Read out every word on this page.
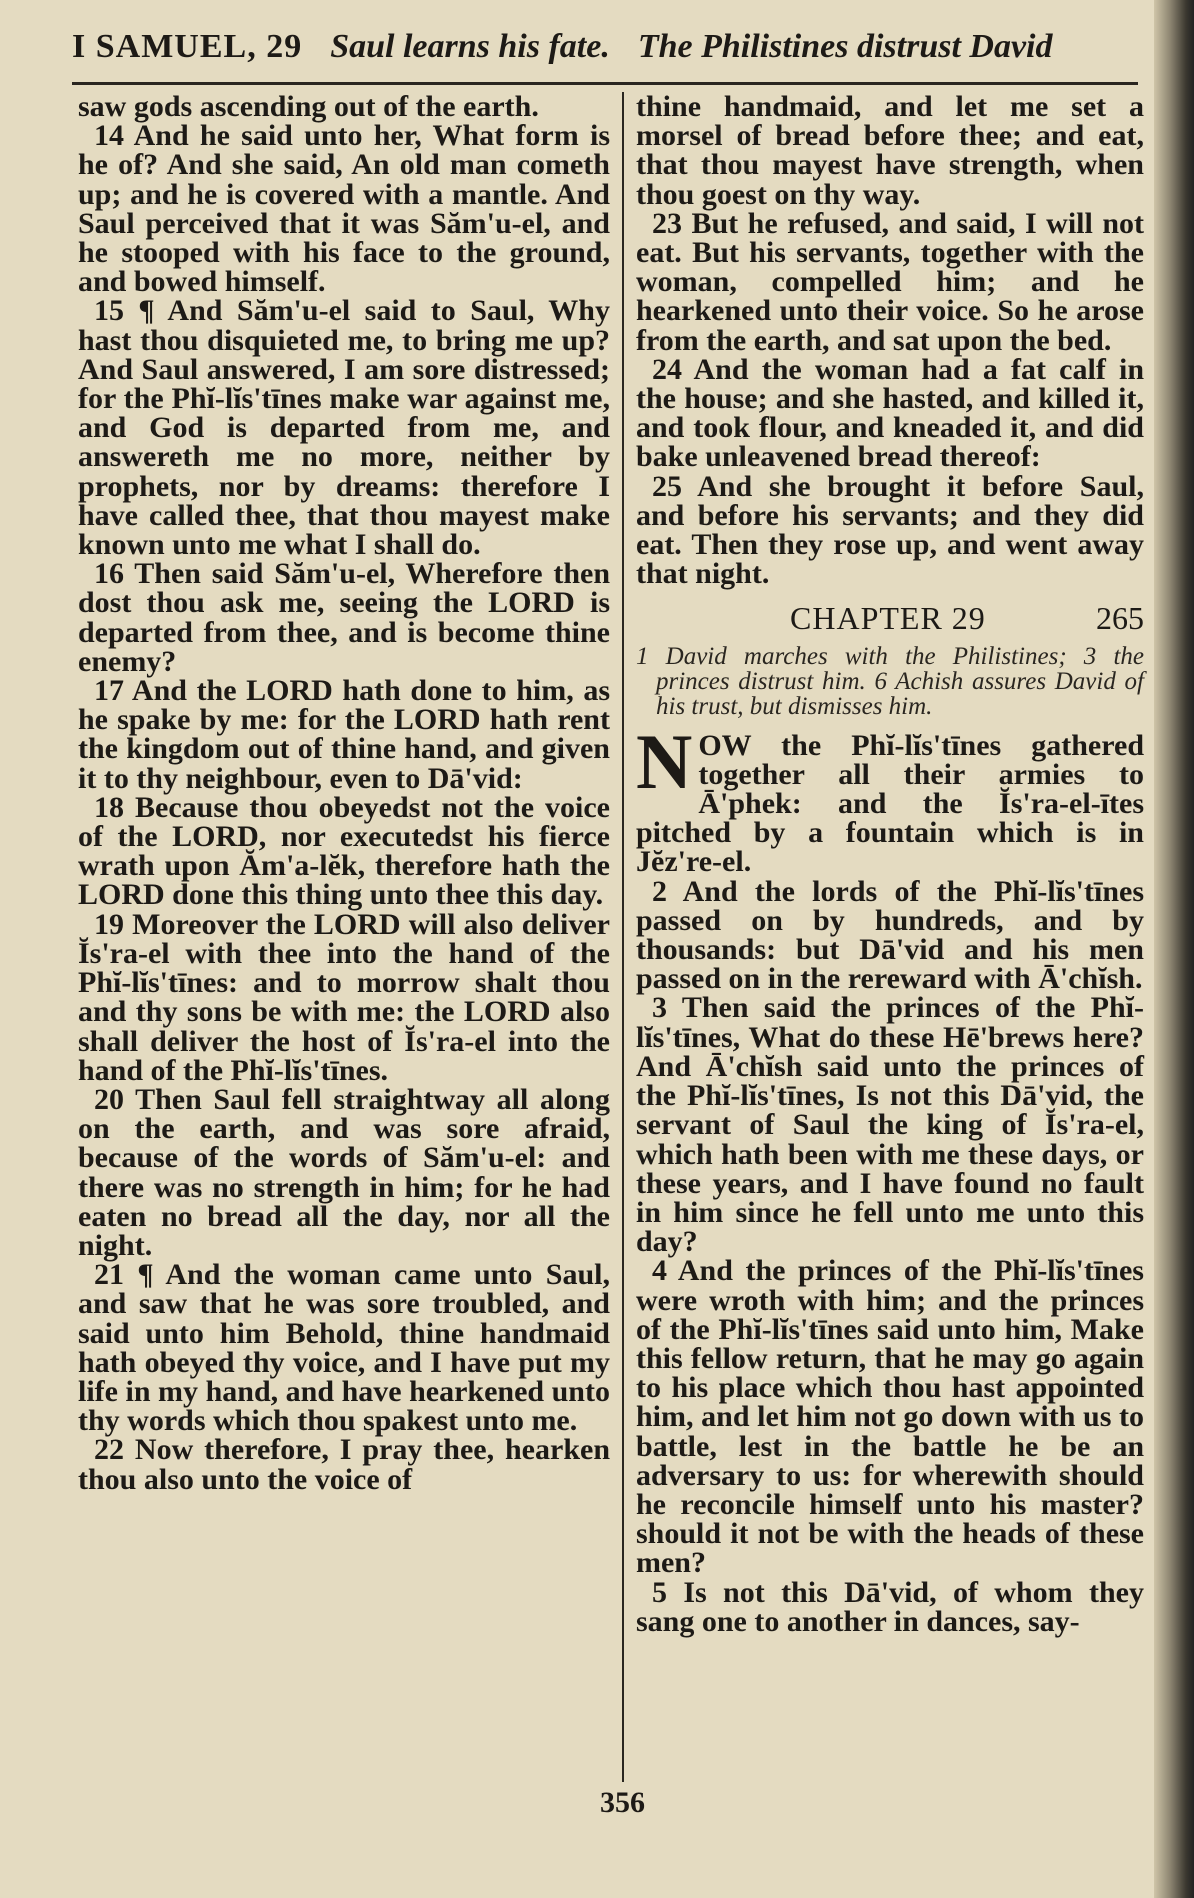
I SAMUEL, 29 Saul learns his fate. The Philistines distrust David

saw gods ascending out of the earth.

14 And he said unto her, What form is he of? And she said, An old man cometh up; and he is covered with a mantle. And Saul perceived that it was Săm'u-el, and he stooped with his face to the ground, and bowed himself.

15 ¶ And Săm'u-el said to Saul, Why hast thou disquieted me, to bring me up? And Saul answered, I am sore distressed; for the Phĭ-lĭs'tīnes make war against me, and God is departed from me, and answereth me no more, neither by prophets, nor by dreams: therefore I have called thee, that thou mayest make known unto me what I shall do.

16 Then said Săm'u-el, Wherefore then dost thou ask me, seeing the LORD is departed from thee, and is become thine enemy?

17 And the LORD hath done to him, as he spake by me: for the LORD hath rent the kingdom out of thine hand, and given it to thy neighbour, even to Dā'vid:

18 Because thou obeyedst not the voice of the LORD, nor executedst his fierce wrath upon Ăm'a-lĕk, therefore hath the LORD done this thing unto thee this day.

19 Moreover the LORD will also deliver Ĭs'ra-el with thee into the hand of the Phĭ-lĭs'tīnes: and to morrow shalt thou and thy sons be with me: the LORD also shall deliver the host of Ĭs'ra-el into the hand of the Phĭ-lĭs'tīnes.

20 Then Saul fell straightway all along on the earth, and was sore afraid, because of the words of Săm'u-el: and there was no strength in him; for he had eaten no bread all the day, nor all the night.

21 ¶ And the woman came unto Saul, and saw that he was sore troubled, and said unto him Behold, thine handmaid hath obeyed thy voice, and I have put my life in my hand, and have hearkened unto thy words which thou spakest unto me.

22 Now therefore, I pray thee, hearken thou also unto the voice of

thine handmaid, and let me set a morsel of bread before thee; and eat, that thou mayest have strength, when thou goest on thy way.

23 But he refused, and said, I will not eat. But his servants, together with the woman, compelled him; and he hearkened unto their voice. So he arose from the earth, and sat upon the bed.

24 And the woman had a fat calf in the house; and she hasted, and killed it, and took flour, and kneaded it, and did bake unleavened bread thereof:

25 And she brought it before Saul, and before his servants; and they did eat. Then they rose up, and went away that night.

CHAPTER 29	265

1 David marches with the Philistines; 3 the princes distrust him. 6 Achish assures David of his trust, but dismisses him.

NOW the Phĭ-lĭs'tīnes gathered together all their armies to Ā'phek: and the Ĭs'ra-el-ītes pitched by a fountain which is in Jĕz're-el.

2 And the lords of the Phĭ-lĭs'tīnes passed on by hundreds, and by thousands: but Dā'vid and his men passed on in the rereward with Ā'chĭsh.

3 Then said the princes of the Phĭ-lĭs'tīnes, What do these Hē'brews here? And Ā'chĭsh said unto the princes of the Phĭ-lĭs'tīnes, Is not this Dā'vid, the servant of Saul the king of Ĭs'ra-el, which hath been with me these days, or these years, and I have found no fault in him since he fell unto me unto this day?

4 And the princes of the Phĭ-lĭs'tīnes were wroth with him; and the princes of the Phĭ-lĭs'tīnes said unto him, Make this fellow return, that he may go again to his place which thou hast appointed him, and let him not go down with us to battle, lest in the battle he be an adversary to us: for wherewith should he reconcile himself unto his master? should it not be with the heads of these men?

5 Is not this Dā'vid, of whom they sang one to another in dances, say-

356
